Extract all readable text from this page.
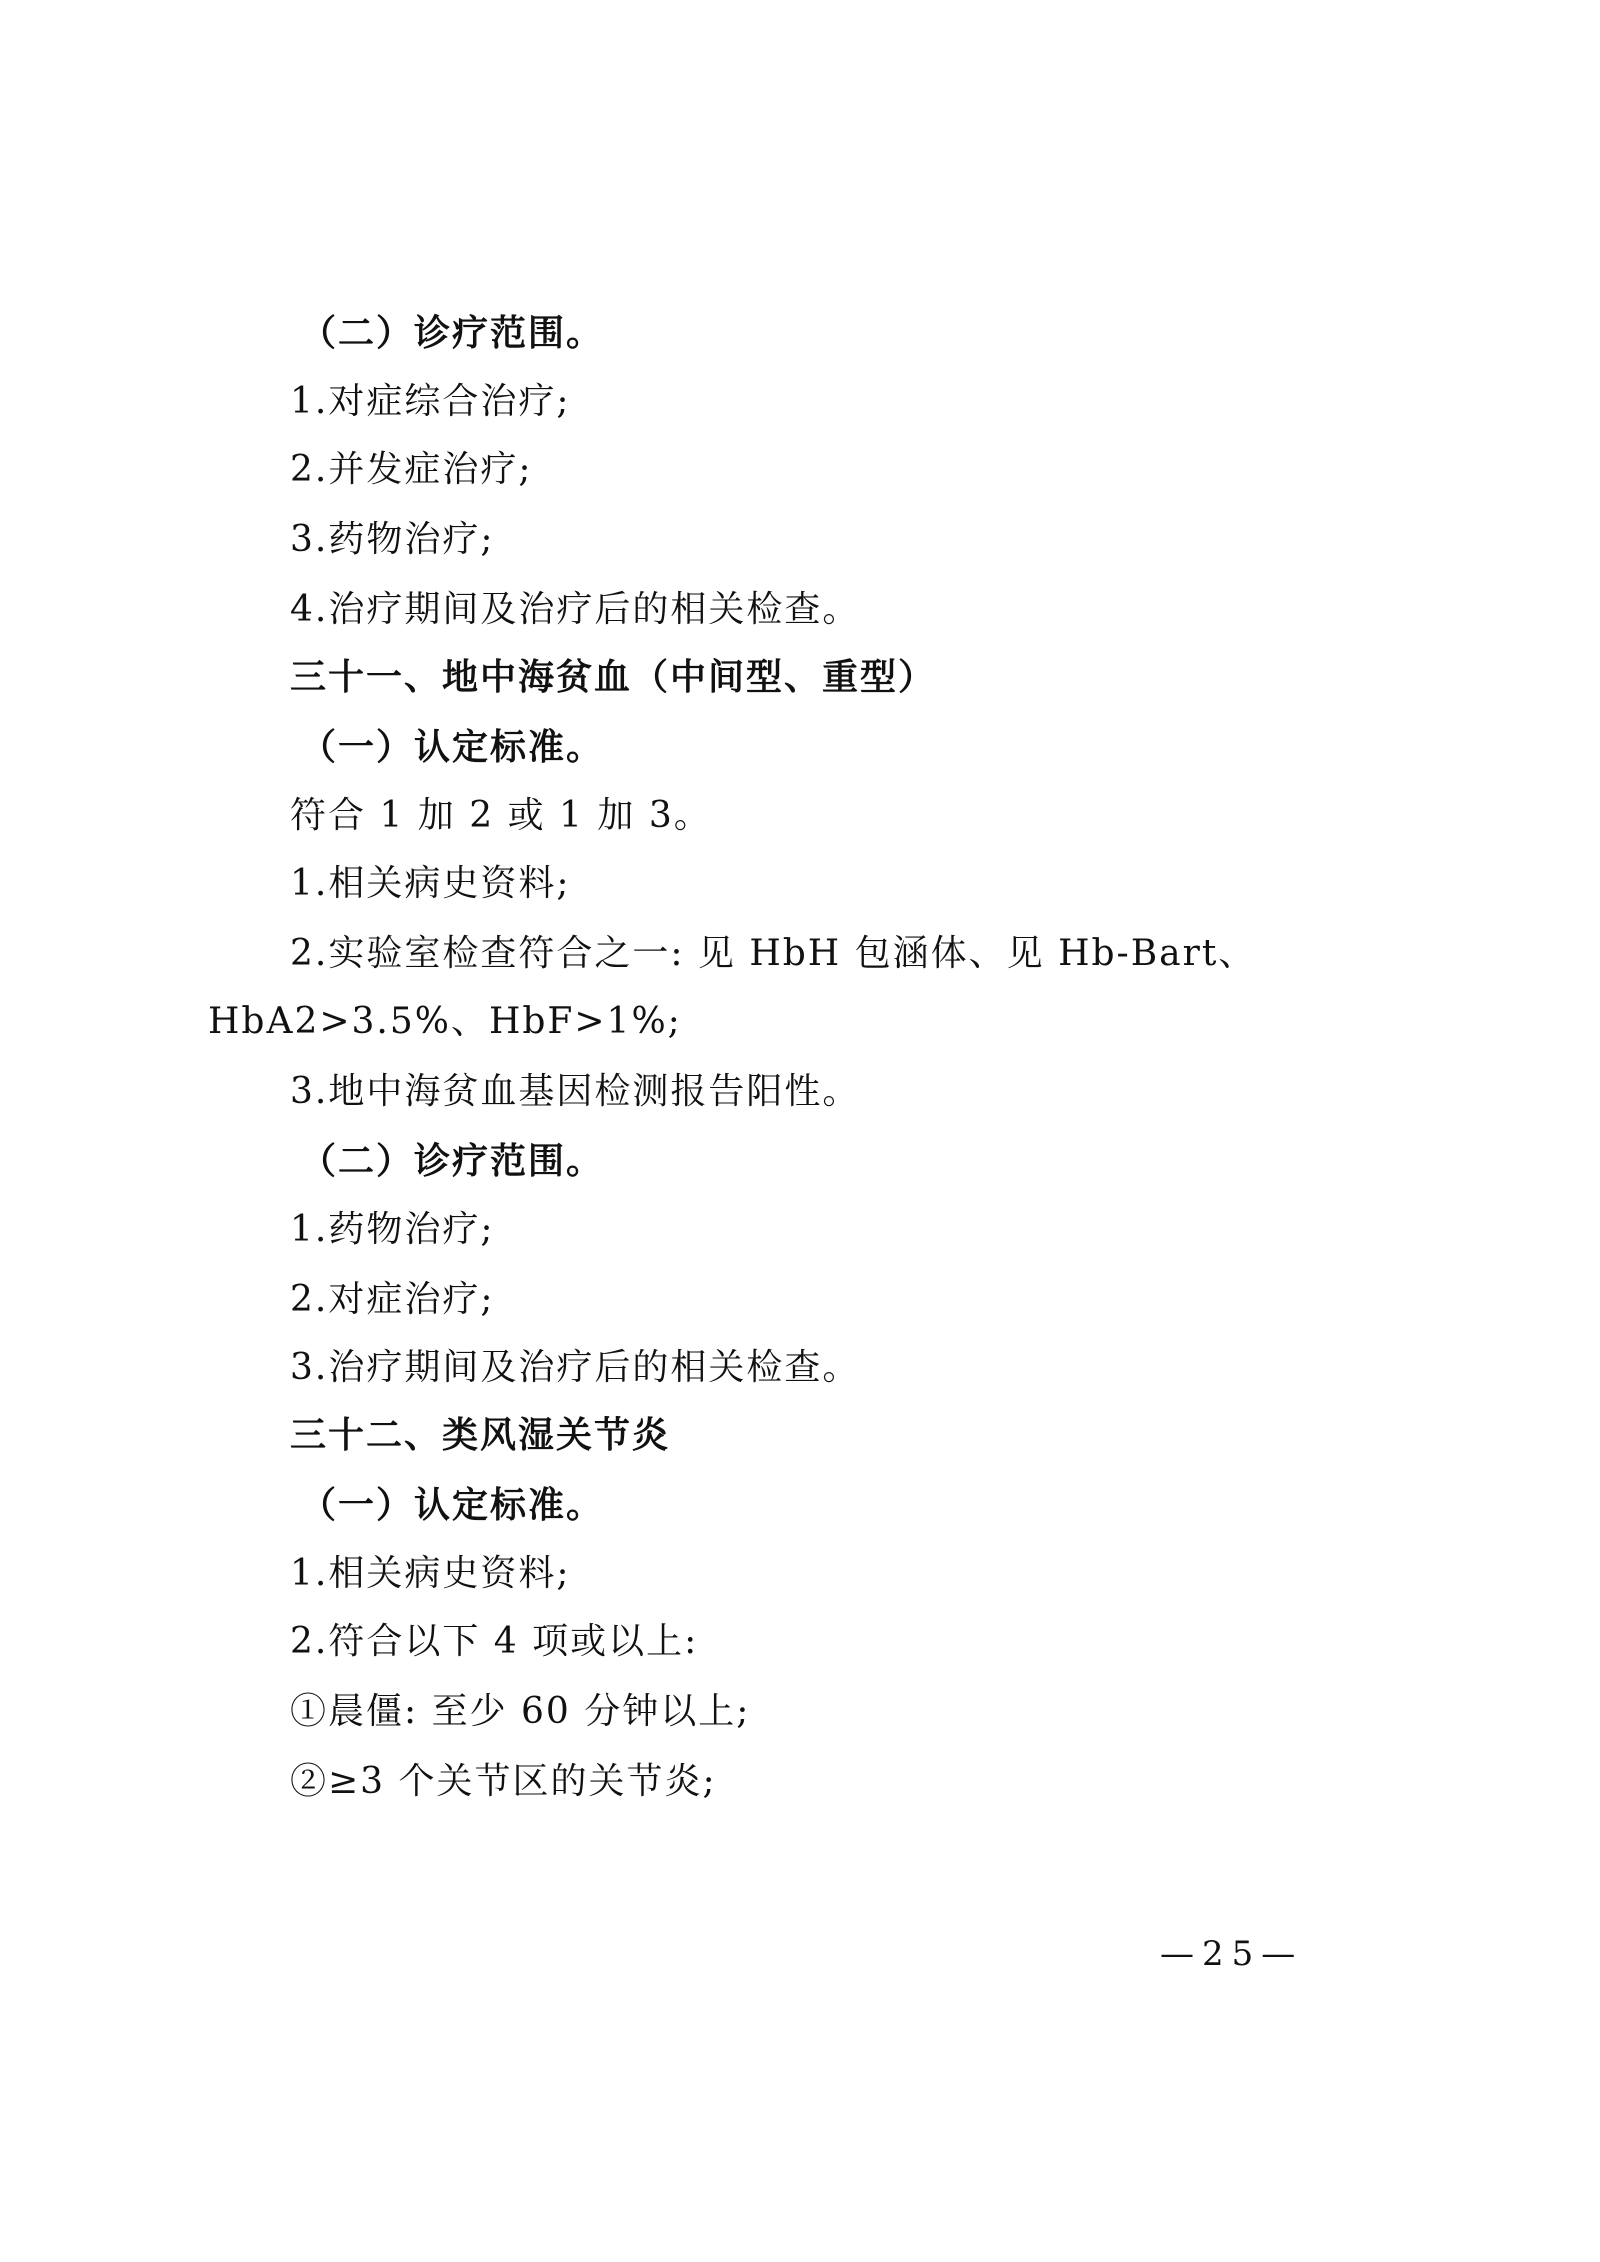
（二）诊疗范围。
1.对症综合治疗;
2.并发症治疗;
3.药物治疗;
4.治疗期间及治疗后的相关检查。
三十一、地中海贫血（中间型、重型）
（一）认定标准。
符合 1 加 2 或 1 加 3。
1.相关病史资料;
2.实验室检查符合之一: 见 HbH 包涵体、见 Hb-Bart、
HbA2>3.5%、HbF>1%;
3.地中海贫血基因检测报告阳性。
（二）诊疗范围。
1.药物治疗;
2.对症治疗;
3.治疗期间及治疗后的相关检查。
三十二、类风湿关节炎
（一）认定标准。
1.相关病史资料;
2.符合以下 4 项或以上:
①晨僵: 至少 60 分钟以上;
②≥3 个关节区的关节炎;
—25—
